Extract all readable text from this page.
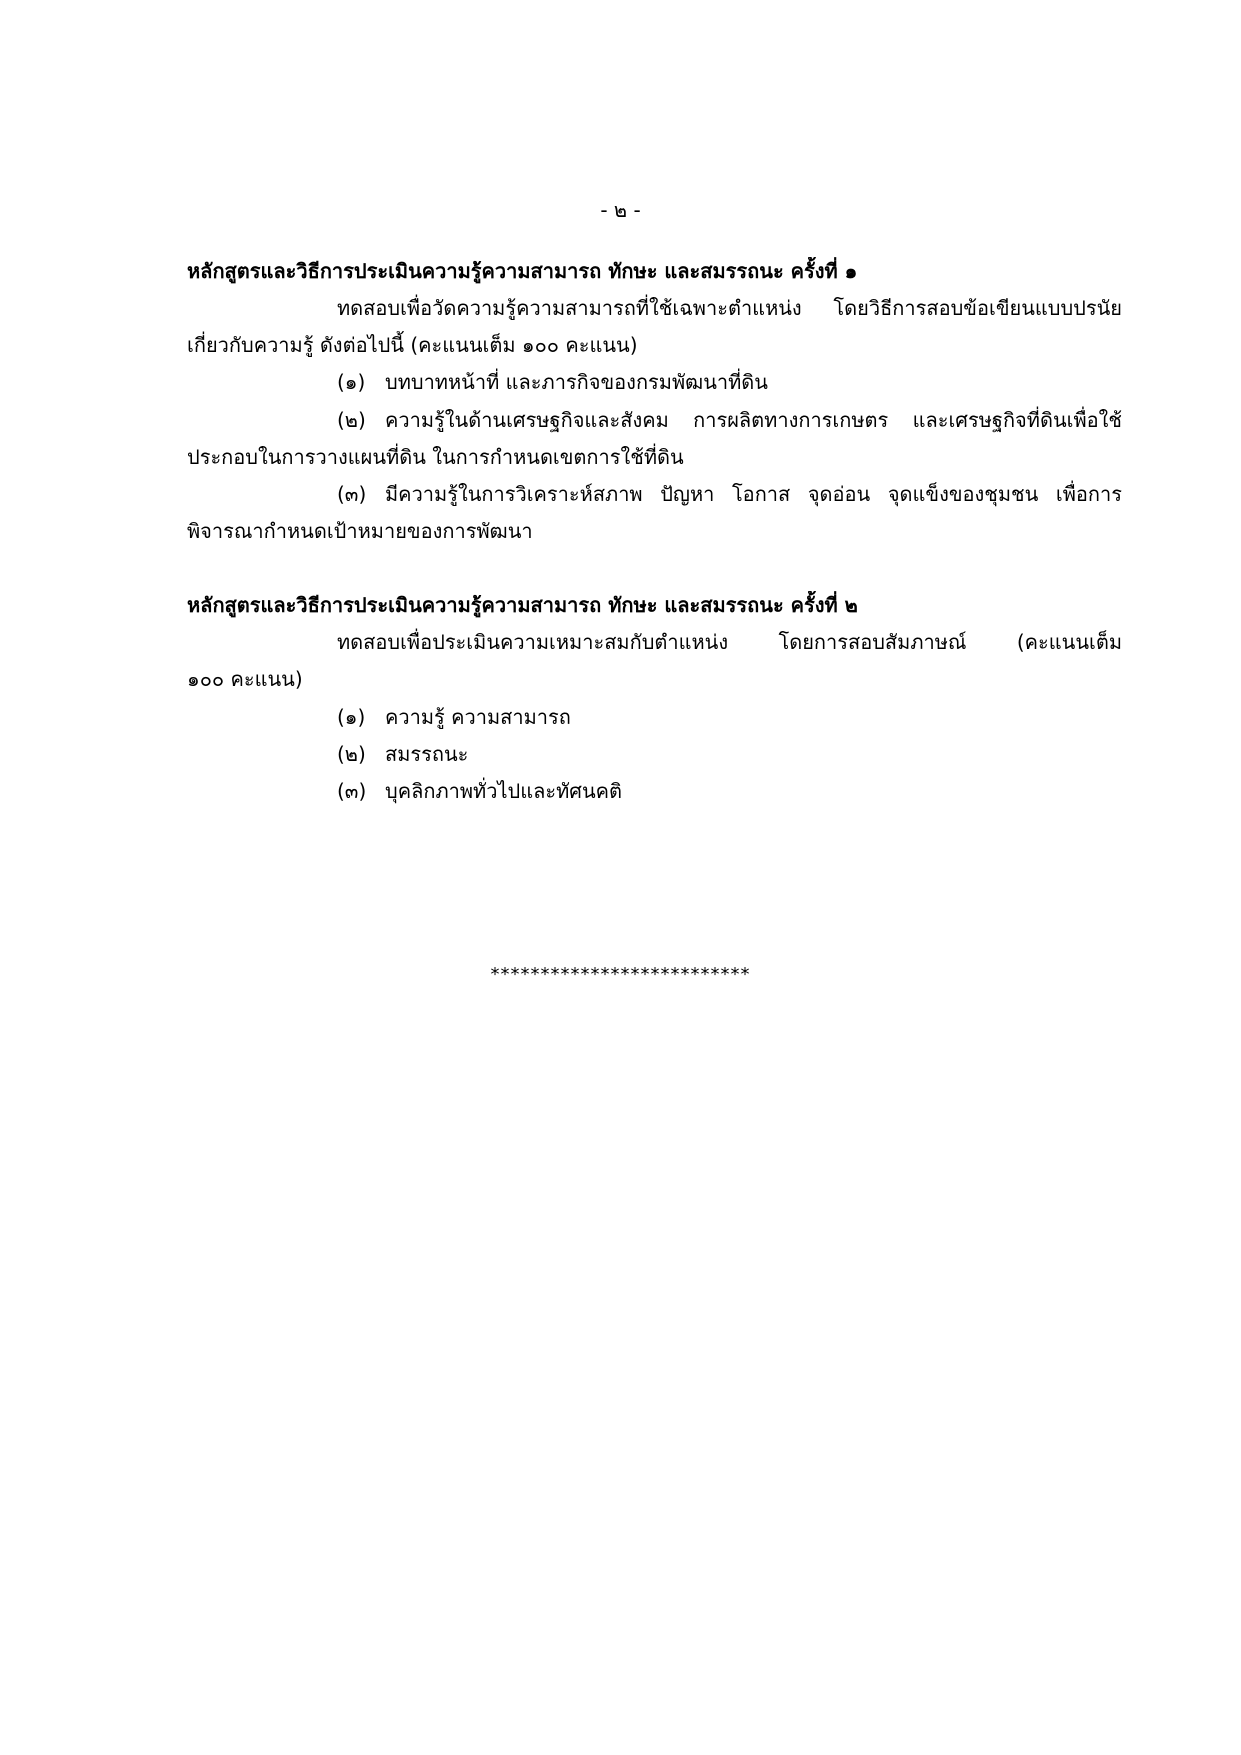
- ๒ -
หลักสูตรและวิธีการประเมินความรู้ความสามารถ ทักษะ และสมรรถนะ ครั้งที่ ๑
ทดสอบเพื่อวัดความรู้ความสามารถที่ใช้เฉพาะตำแหน่ง โดยวิธีการสอบข้อเขียนแบบปรนัย
เกี่ยวกับความรู้ ดังต่อไปนี้ (คะแนนเต็ม ๑๐๐ คะแนน)
(๑) บทบาทหน้าที่ และภารกิจของกรมพัฒนาที่ดิน
(๒) ความรู้ในด้านเศรษฐกิจและสังคม การผลิตทางการเกษตร และเศรษฐกิจที่ดินเพื่อใช้
ประกอบในการวางแผนที่ดิน ในการกำหนดเขตการใช้ที่ดิน
(๓) มีความรู้ในการวิเคราะห์สภาพ ปัญหา โอกาส จุดอ่อน จุดแข็งของชุมชน เพื่อการ
พิจารณากำหนดเป้าหมายของการพัฒนา
หลักสูตรและวิธีการประเมินความรู้ความสามารถ ทักษะ และสมรรถนะ ครั้งที่ ๒
ทดสอบเพื่อประเมินความเหมาะสมกับตำแหน่ง โดยการสอบสัมภาษณ์ (คะแนนเต็ม
๑๐๐ คะแนน)
(๑) ความรู้ ความสามารถ
(๒) สมรรถนะ
(๓) บุคลิกภาพทั่วไปและทัศนคติ
**************************
